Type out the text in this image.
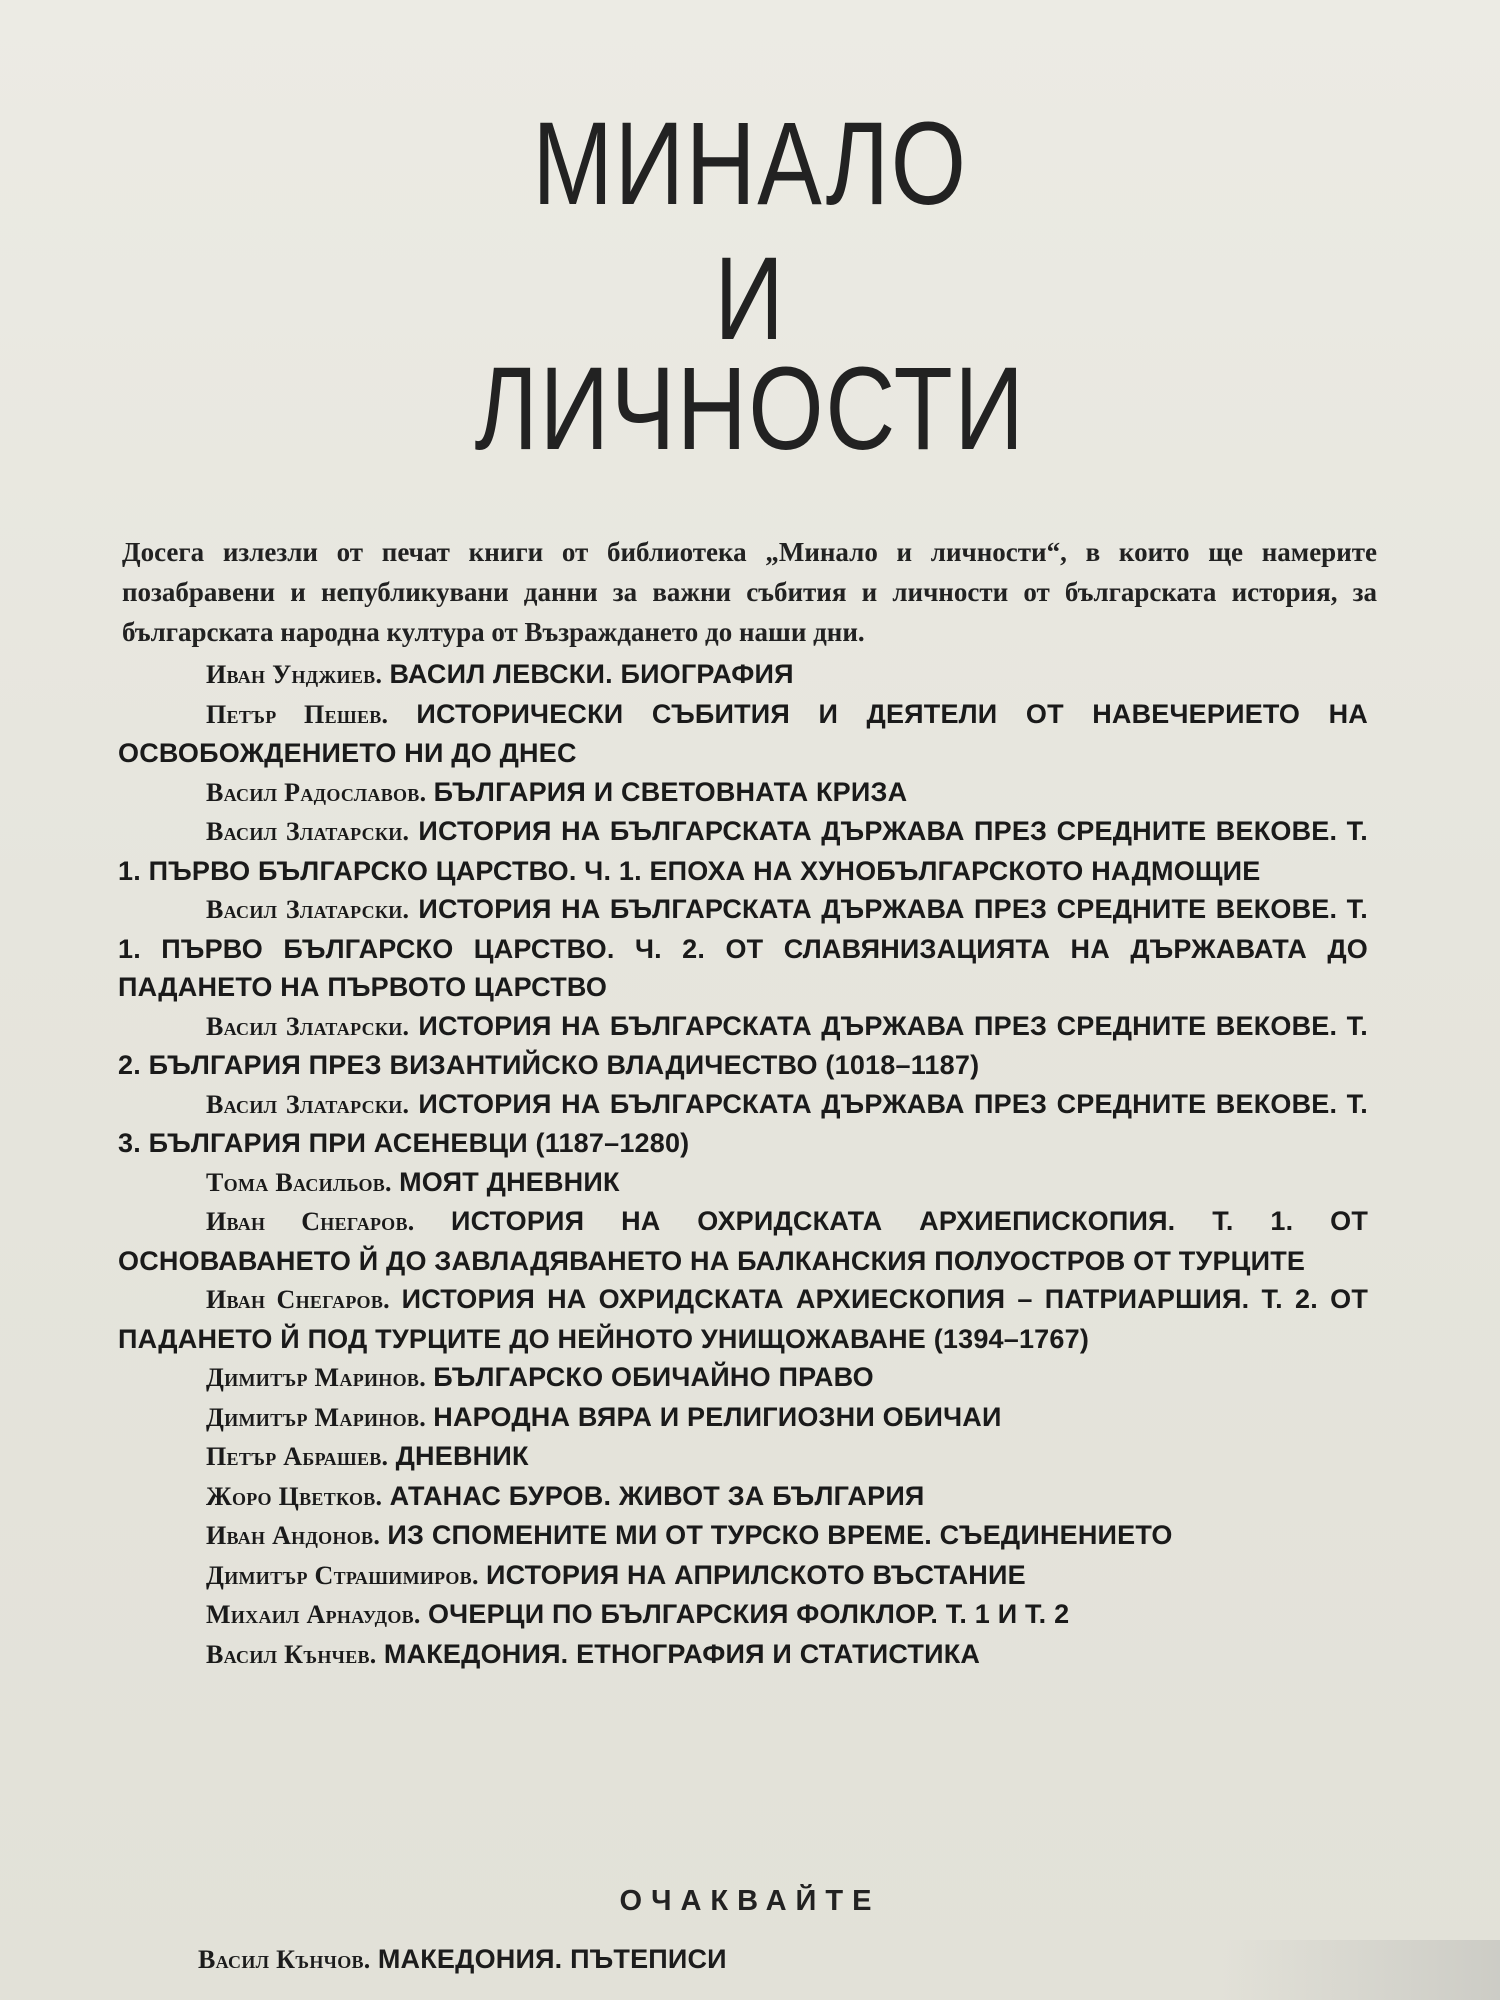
МИНАЛО
И
ЛИЧНОСТИ

Досега излезли от печат книги от библиотека „Минало и личности“, в които ще намерите позабравени и непубликувани данни за важни събития и личности от българската история, за българската народна култура от Възраждането до наши дни.

Иван Унджиев. ВАСИЛ ЛЕВСКИ. БИОГРАФИЯ

Петър Пешев. ИСТОРИЧЕСКИ СЪБИТИЯ И ДЕЯТЕЛИ ОТ НАВЕЧЕРИЕТО НА ОСВОБОЖДЕНИЕТО НИ ДО ДНЕС

Васил Радославов. БЪЛГАРИЯ И СВЕТОВНАТА КРИЗА

Васил Златарски. ИСТОРИЯ НА БЪЛГАРСКАТА ДЪРЖАВА ПРЕЗ СРЕДНИТЕ ВЕКОВЕ. Т. 1. ПЪРВО БЪЛГАРСКО ЦАРСТВО. Ч. 1. ЕПОХА НА ХУНОБЪЛГАРСКОТО НАДМОЩИЕ

Васил Златарски. ИСТОРИЯ НА БЪЛГАРСКАТА ДЪРЖАВА ПРЕЗ СРЕДНИТЕ ВЕКОВЕ. Т. 1. ПЪРВО БЪЛГАРСКО ЦАРСТВО. Ч. 2. ОТ СЛАВЯНИЗАЦИЯТА НА ДЪРЖАВАТА ДО ПАДАНЕТО НА ПЪРВОТО ЦАРСТВО

Васил Златарски. ИСТОРИЯ НА БЪЛГАРСКАТА ДЪРЖАВА ПРЕЗ СРЕДНИТЕ ВЕКОВЕ. Т. 2. БЪЛГАРИЯ ПРЕЗ ВИЗАНТИЙСКО ВЛАДИЧЕСТВО (1018–1187)

Васил Златарски. ИСТОРИЯ НА БЪЛГАРСКАТА ДЪРЖАВА ПРЕЗ СРЕДНИТЕ ВЕКОВЕ. Т. 3. БЪЛГАРИЯ ПРИ АСЕНЕВЦИ (1187–1280)

Тома Васильов. МОЯТ ДНЕВНИК

Иван Снегаров. ИСТОРИЯ НА ОХРИДСКАТА АРХИЕПИСКОПИЯ. Т. 1. ОТ ОСНОВАВАНЕТО Й ДО ЗАВЛАДЯВАНЕТО НА БАЛКАНСКИЯ ПОЛУОСТРОВ ОТ ТУРЦИТЕ

Иван Снегаров. ИСТОРИЯ НА ОХРИДСКАТА АРХИЕСКОПИЯ – ПАТРИАРШИЯ. Т. 2. ОТ ПАДАНЕТО Й ПОД ТУРЦИТЕ ДО НЕЙНОТО УНИЩОЖАВАНЕ (1394–1767)

Димитър Маринов. БЪЛГАРСКО ОБИЧАЙНО ПРАВО

Димитър Маринов. НАРОДНА ВЯРА И РЕЛИГИОЗНИ ОБИЧАИ

Петър Абрашев. ДНЕВНИК

Жоро Цветков. АТАНАС БУРОВ. ЖИВОТ ЗА БЪЛГАРИЯ

Иван Андонов. ИЗ СПОМЕНИТЕ МИ ОТ ТУРСКО ВРЕМЕ. СЪЕДИНЕНИЕТО

Димитър Страшимиров. ИСТОРИЯ НА АПРИЛСКОТО ВЪСТАНИЕ

Михаил Арнаудов. ОЧЕРЦИ ПО БЪЛГАРСКИЯ ФОЛКЛОР. Т. 1 И Т. 2

Васил Кънчев. МАКЕДОНИЯ. ЕТНОГРАФИЯ И СТАТИСТИКА

ОЧАКВАЙТЕ
Васил Кънчов. МАКЕДОНИЯ. ПЪТЕПИСИ
